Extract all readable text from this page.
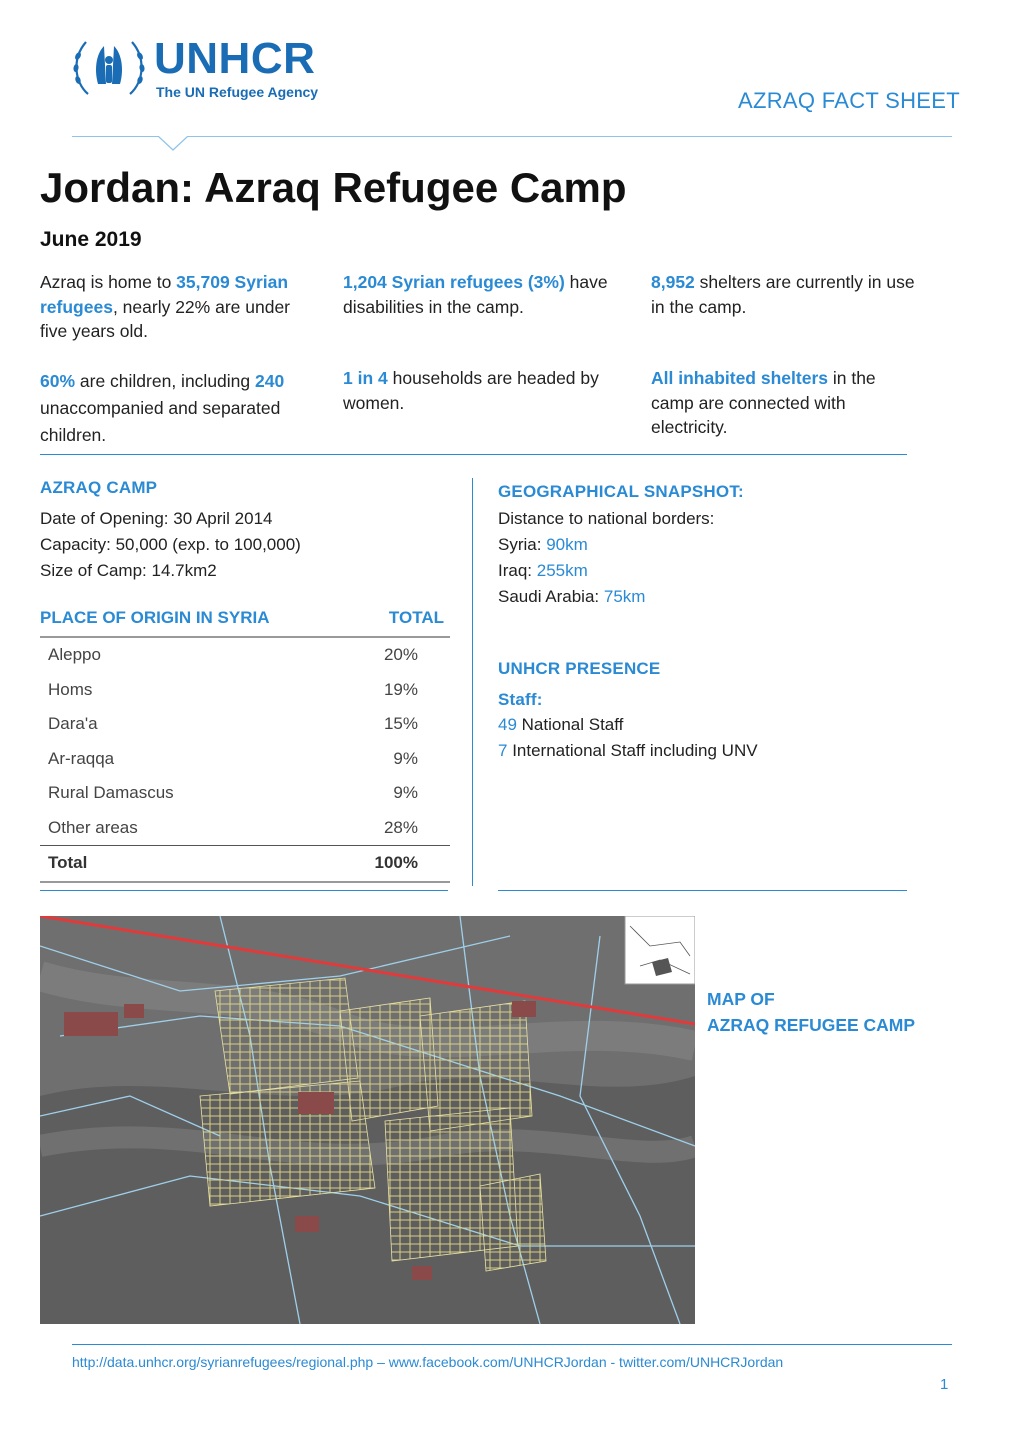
UNHCR
The UN Refugee Agency	AZRAQ FACT SHEET
Jordan: Azraq Refugee Camp
June 2019
Azraq is home to 35,709 Syrian refugees, nearly 22% are under five years old.
1,204 Syrian refugees (3%) have disabilities in the camp.
8,952 shelters are currently in use in the camp.
60% are children, including 240 unaccompanied and separated children.
1 in 4 households are headed by women.
All inhabited shelters in the camp are connected with electricity.
AZRAQ CAMP
Date of Opening: 30 April 2014
Capacity: 50,000 (exp. to 100,000)
Size of Camp: 14.7km2
PLACE OF ORIGIN IN SYRIA	TOTAL
Aleppo	20%
Homs	19%
Dara'a	15%
Ar-raqqa	9%
Rural Damascus	9%
Other areas	28%
Total	100%
GEOGRAPHICAL SNAPSHOT:
Distance to national borders:
Syria: 90km
Iraq: 255km
Saudi Arabia: 75km
UNHCR PRESENCE
Staff:
49 National Staff
7 International Staff including UNV
MAP OF
AZRAQ REFUGEE CAMP
http://data.unhcr.org/syrianrefugees/regional.php – www.facebook.com/UNHCRJordan - twitter.com/UNHCRJordan
1
